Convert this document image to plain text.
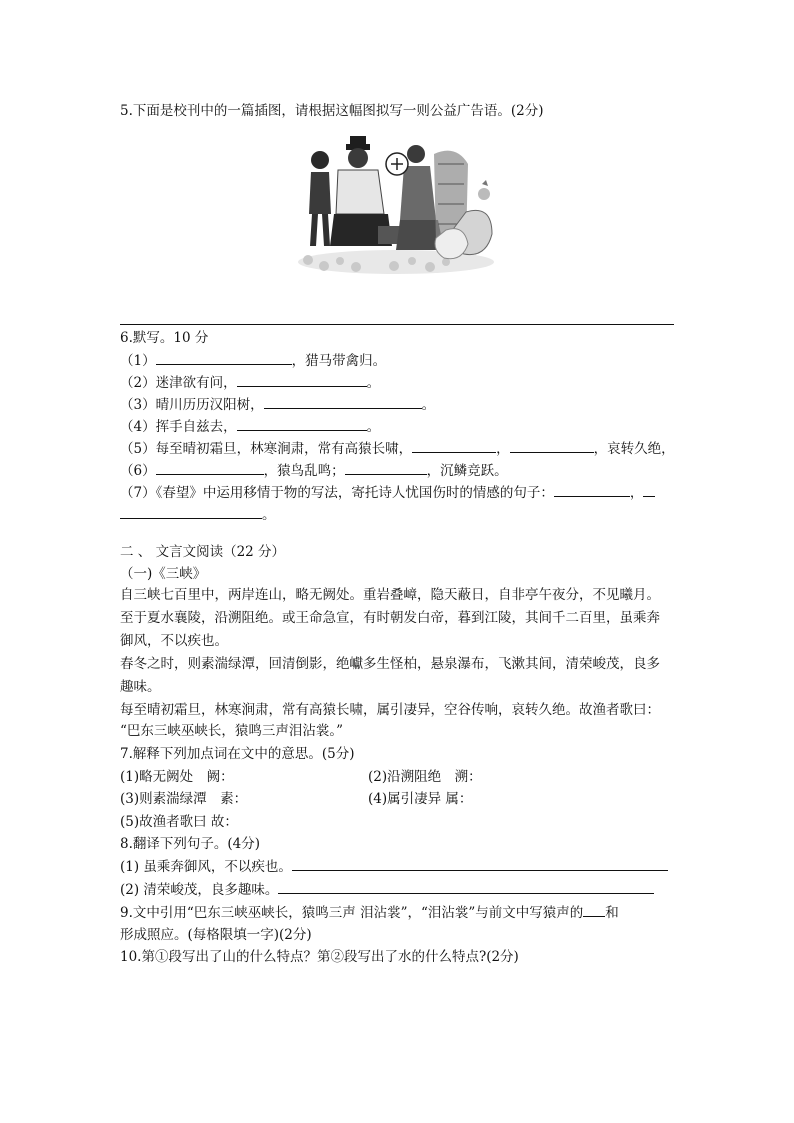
5.下面是校刊中的一篇插图，请根据这幅图拟写一则公益广告语。(2分)
6.默写。10 分
（1）	，猎马带禽归。
（2）迷津欲有问，	。
（3）晴川历历汉阳树，	。
（4）挥手自兹去，	。
（5）每至晴初霜旦，林寒涧肃，常有高猿长啸，	，	，哀转久绝，
（6）	，猿鸟乱鸣；	，沉鳞竞跃。
（7）《春望》中运用移情于物的写法，寄托诗人忧国伤时的情感的句子：	，
。
二 、 文言文阅读（22 分）
（一)《三峡》
自三峡七百里中，两岸连山，略无阙处。重岩叠嶂，隐天蔽日，自非亭午夜分，不见曦月。
至于夏水襄陵，沿溯阻绝。或王命急宣，有时朝发白帝，暮到江陵，其间千二百里，虽乘奔
御风，不以疾也。
春冬之时，则素湍绿潭，回清倒影，绝巘多生怪柏，悬泉瀑布，飞漱其间，清荣峻茂，良多
趣味。
每至晴初霜旦，林寒涧肃，常有高猿长啸，属引凄异，空谷传响，哀转久绝。故渔者歌曰：
“巴东三峡巫峡长，猿鸣三声泪沾裳。”
7.解释下列加点词在文中的意思。(5分)
(1)略无阙处　阙：	(2)沿溯阻绝　溯：
(3)则素湍绿潭　素：	(4)属引凄异 属：
(5)故渔者歌曰 故：
8.翻译下列句子。(4分)
(1) 虽乘奔御风，不以疾也。
(2) 清荣峻茂，良多趣味。
9.文中引用“巴东三峡巫峡长，猿鸣三声 泪沾裳”，“泪沾裳”与前文中写猿声的 和
形成照应。(每格限填一字)(2分)
10.第①段写出了山的什么特点？第②段写出了水的什么特点?(2分)
